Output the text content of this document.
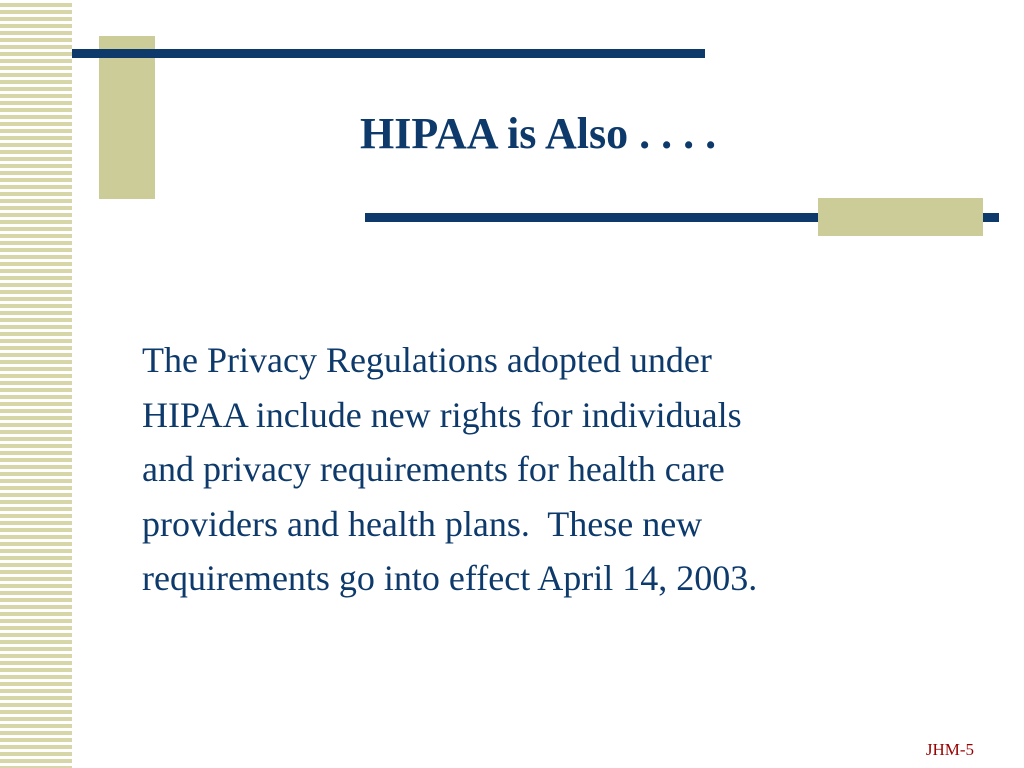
HIPAA is Also . . . .
The Privacy Regulations adopted under
HIPAA include new rights for individuals
and privacy requirements for health care
providers and health plans.  These new
requirements go into effect April 14, 2003.
JHM-5
